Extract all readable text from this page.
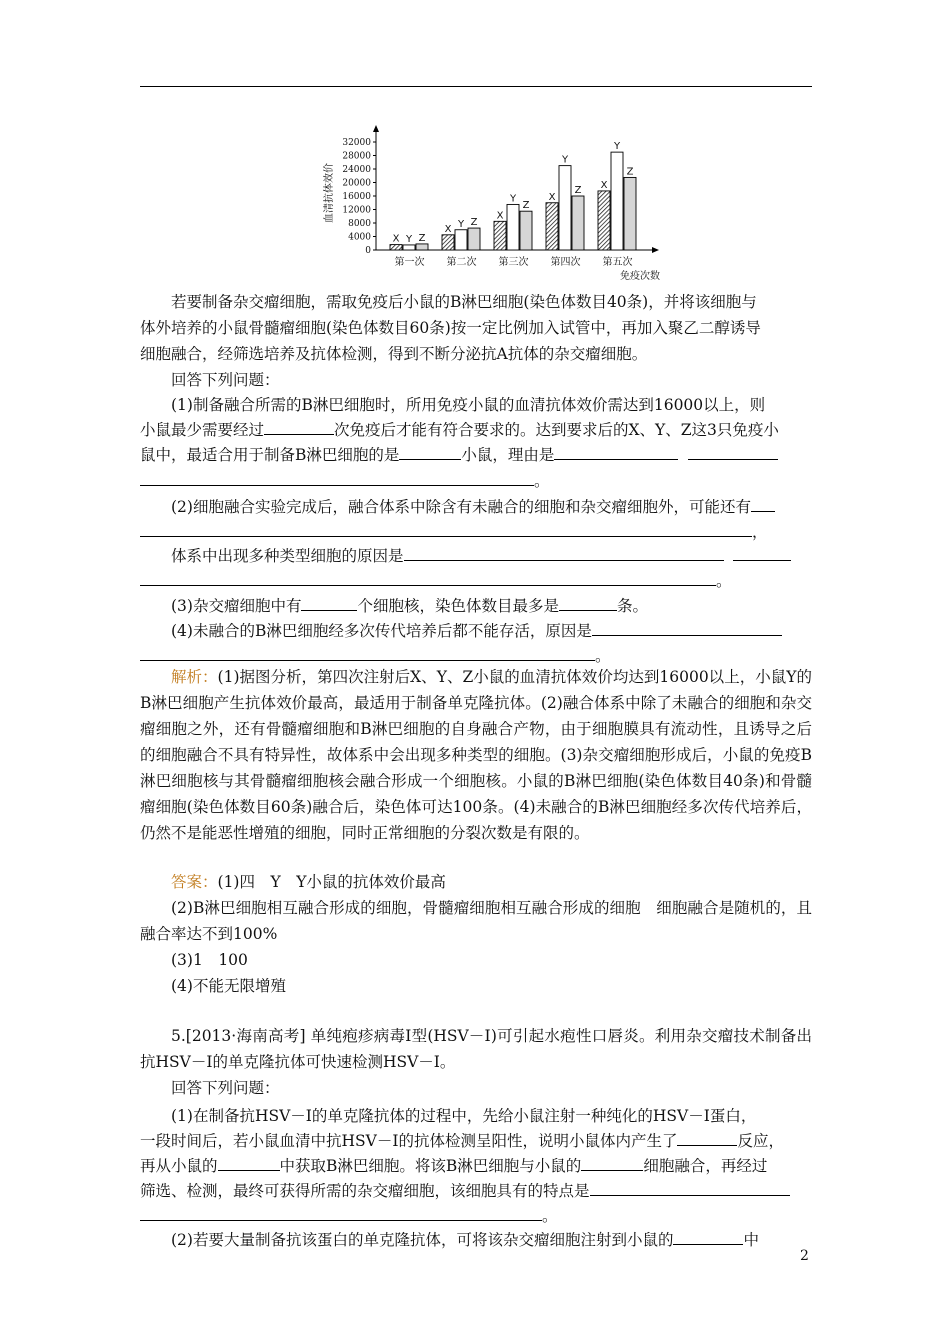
0
4000
8000
12000
16000
20000
24000
28000
32000
血清抗体效价
X Y Z
第一次
X Y Z
第二次
X
Y
Z
第三次
X
Y
Z
第四次
X
Y
Z
第五次
免疫次数
若要制备杂交瘤细胞，需取免疫后小鼠的B淋巴细胞(染色体数目40条)，并将该细胞与
体外培养的小鼠骨髓瘤细胞(染色体数目60条)按一定比例加入试管中，再加入聚乙二醇诱导
细胞融合，经筛选培养及抗体检测，得到不断分泌抗A抗体的杂交瘤细胞。
回答下列问题：
(1)制备融合所需的B淋巴细胞时，所用免疫小鼠的血清抗体效价需达到16000以上，则
小鼠最少需要经过	次免疫后才能有符合要求的。达到要求后的X、Y、Z这3只免疫小
鼠中，最适合用于制备B淋巴细胞的是	小鼠，理由是
。
(2)细胞融合实验完成后，融合体系中除含有未融合的细胞和杂交瘤细胞外，可能还有
，
体系中出现多种类型细胞的原因是
。
(3)杂交瘤细胞中有	个细胞核，染色体数目最多是	条。
(4)未融合的B淋巴细胞经多次传代培养后都不能存活，原因是
。

解析：(1)据图分析，第四次注射后X、Y、Z小鼠的血清抗体效价均达到16000以上，小鼠Y的B淋巴细胞产生抗体效价最高，最适用于制备单克隆抗体。(2)融合体系中除了未融合的细胞和杂交瘤细胞之外，还有骨髓瘤细胞和B淋巴细胞的自身融合产物，由于细胞膜具有流动性，且诱导之后的细胞融合不具有特异性，故体系中会出现多种类型的细胞。(3)杂交瘤细胞形成后，小鼠的免疫B淋巴细胞核与其骨髓瘤细胞核会融合形成一个细胞核。小鼠的B淋巴细胞(染色体数目40条)和骨髓瘤细胞(染色体数目60条)融合后，染色体可达100条。(4)未融合的B淋巴细胞经多次传代培养后，仍然不是能恶性增殖的细胞，同时正常细胞的分裂次数是有限的。

答案：(1)四　Y　Y小鼠的抗体效价最高

(2)B淋巴细胞相互融合形成的细胞，骨髓瘤细胞相互融合形成的细胞　细胞融合是随机的，且融合率达不到100%

(3)1　100

(4)不能无限增殖

5.[2013·海南高考] 单纯疱疹病毒Ⅰ型(HSV－Ⅰ)可引起水疱性口唇炎。利用杂交瘤技术制备出抗HSV－Ⅰ的单克隆抗体可快速检测HSV－Ⅰ。

回答下列问题：

(1)在制备抗HSV－Ⅰ的单克隆抗体的过程中，先给小鼠注射一种纯化的HSV－Ⅰ蛋白，
一段时间后，若小鼠血清中抗HSV－Ⅰ的抗体检测呈阳性，说明小鼠体内产生了	反应，
再从小鼠的	中获取B淋巴细胞。将该B淋巴细胞与小鼠的	细胞融合，再经过
筛选、检测，最终可获得所需的杂交瘤细胞，该细胞具有的特点是
。
(2)若要大量制备抗该蛋白的单克隆抗体，可将该杂交瘤细胞注射到小鼠的	中
2
